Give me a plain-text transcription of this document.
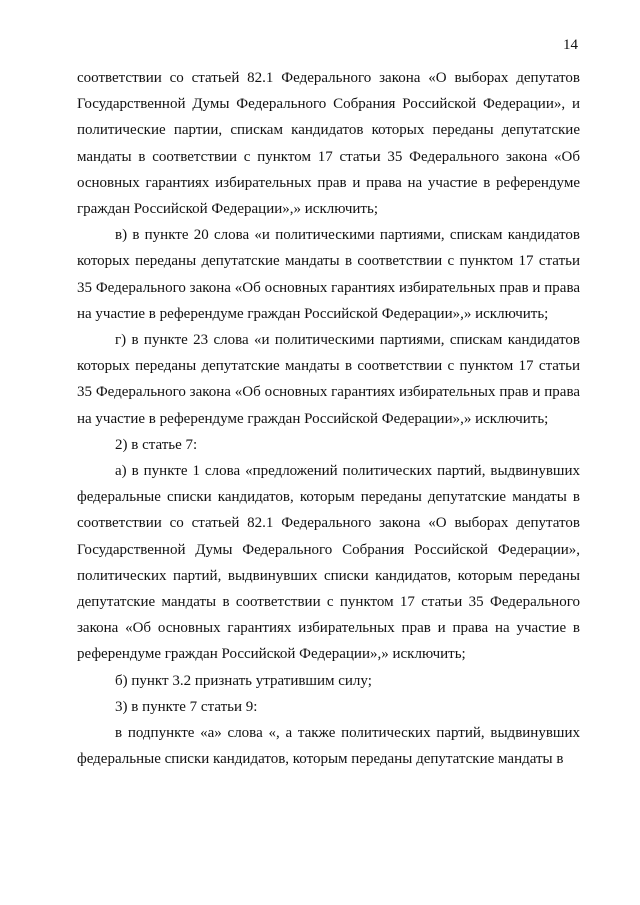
14

соответствии со статьей 82.1 Федерального закона «О выборах депутатов Государственной Думы Федерального Собрания Российской Федерации», и политические партии, спискам кандидатов которых переданы депутатские мандаты в соответствии с пунктом 17 статьи 35 Федерального закона «Об основных гарантиях избирательных прав и права на участие в референдуме граждан Российской Федерации»,» исключить;

в) в пункте 20 слова «и политическими партиями, спискам кандидатов которых переданы депутатские мандаты в соответствии с пунктом 17 статьи 35 Федерального закона «Об основных гарантиях избирательных прав и права на участие в референдуме граждан Российской Федерации»,» исключить;

г) в пункте 23 слова «и политическими партиями, спискам кандидатов которых переданы депутатские мандаты в соответствии с пунктом 17 статьи 35 Федерального закона «Об основных гарантиях избирательных прав и права на участие в референдуме граждан Российской Федерации»,» исключить;

2) в статье 7:

а) в пункте 1 слова «предложений политических партий, выдвинувших федеральные списки кандидатов, которым переданы депутатские мандаты в соответствии со статьей 82.1 Федерального закона «О выборах депутатов Государственной Думы Федерального Собрания Российской Федерации», политических партий, выдвинувших списки кандидатов, которым переданы депутатские мандаты в соответствии с пунктом 17 статьи 35 Федерального закона «Об основных гарантиях избирательных прав и права на участие в референдуме граждан Российской Федерации»,» исключить;

б) пункт 3.2 признать утратившим силу;

3) в пункте 7 статьи 9:

в подпункте «а» слова «, а также политических партий, выдвинувших федеральные списки кандидатов, которым переданы депутатские мандаты в
